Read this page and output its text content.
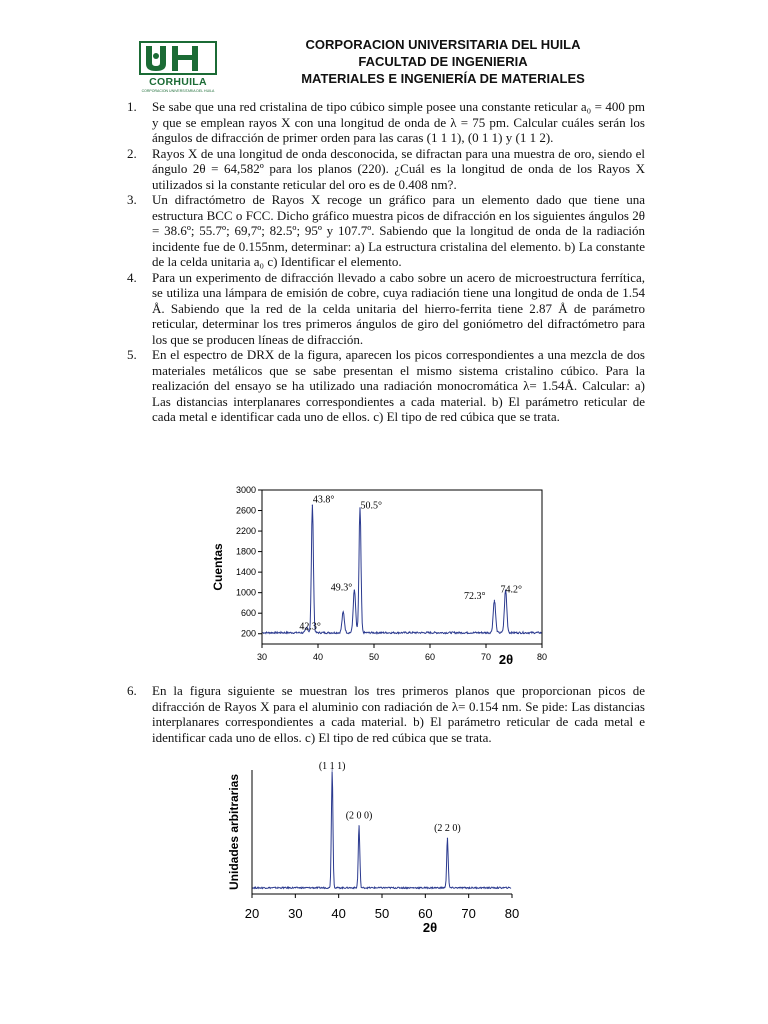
CORHUILA
CORPORACION UNIVERSITARIA DEL HUILA
CORPORACION UNIVERSITARIA DEL HUILA
FACULTAD DE INGENIERIA
MATERIALES E INGENIERÍA DE MATERIALES
1. Se sabe que una red cristalina de tipo cúbico simple posee una constante reticular a₀ = 400 pm y que se emplean rayos X con una longitud de onda de λ = 75 pm. Calcular cuáles serán los ángulos de difracción de primer orden para las caras (1 1 1), (0 1 1) y (1 1 2).
2. Rayos X de una longitud de onda desconocida, se difractan para una muestra de oro, siendo el ángulo 2θ = 64,582º para los planos (220). ¿Cuál es la longitud de onda de los Rayos X utilizados si la constante reticular del oro es de 0.408 nm?.
3. Un difractómetro de Rayos X recoge un gráfico para un elemento dado que tiene una estructura BCC o FCC. Dicho gráfico muestra picos de difracción en los siguientes ángulos 2θ = 38.6º; 55.7º; 69,7º; 82.5º; 95º y 107.7º. Sabiendo que la longitud de onda de la radiación incidente fue de 0.155nm, determinar: a) La estructura cristalina del elemento. b) La constante de la celda unitaria a₀ c) Identificar el elemento.
4. Para un experimento de difracción llevado a cabo sobre un acero de microestructura ferrítica, se utiliza una lámpara de emisión de cobre, cuya radiación tiene una longitud de onda de 1.54 Å. Sabiendo que la red de la celda unitaria del hierro-ferrita tiene 2.87 Å de parámetro reticular, determinar los tres primeros ángulos de giro del goniómetro del difractómetro para los que se producen líneas de difracción.
5. En el espectro de DRX de la figura, aparecen los picos correspondientes a una mezcla de dos materiales metálicos que se sabe presentan el mismo sistema cristalino cúbico. Para la realización del ensayo se ha utilizado una radiación monocromática λ= 1.54Å. Calcular: a) Las distancias interplanares correspondientes a cada material. b) El parámetro reticular de cada metal e identificar cada uno de ellos. c) El tipo de red cúbica que se trata.
30	40	50	60	70	80
200
600
1000
1400
1800
2200
2600
3000
Cuentas
2θ
42.3°
43.8°
50.5°
49.3°
72.3°
74.2°
6. En la figura siguiente se muestran los tres primeros planos que proporcionan picos de difracción de Rayos X para el aluminio con radiación de λ= 0.154 nm. Se pide: Las distancias interplanares correspondientes a cada material. b) El parámetro reticular de cada metal e identificar cada uno de ellos. c) El tipo de red cúbica que se trata.
20 30 40 50 60 70 80
Unidades arbitrarias
2θ
(1 1 1)
(2 0 0)
(2 2 0)
